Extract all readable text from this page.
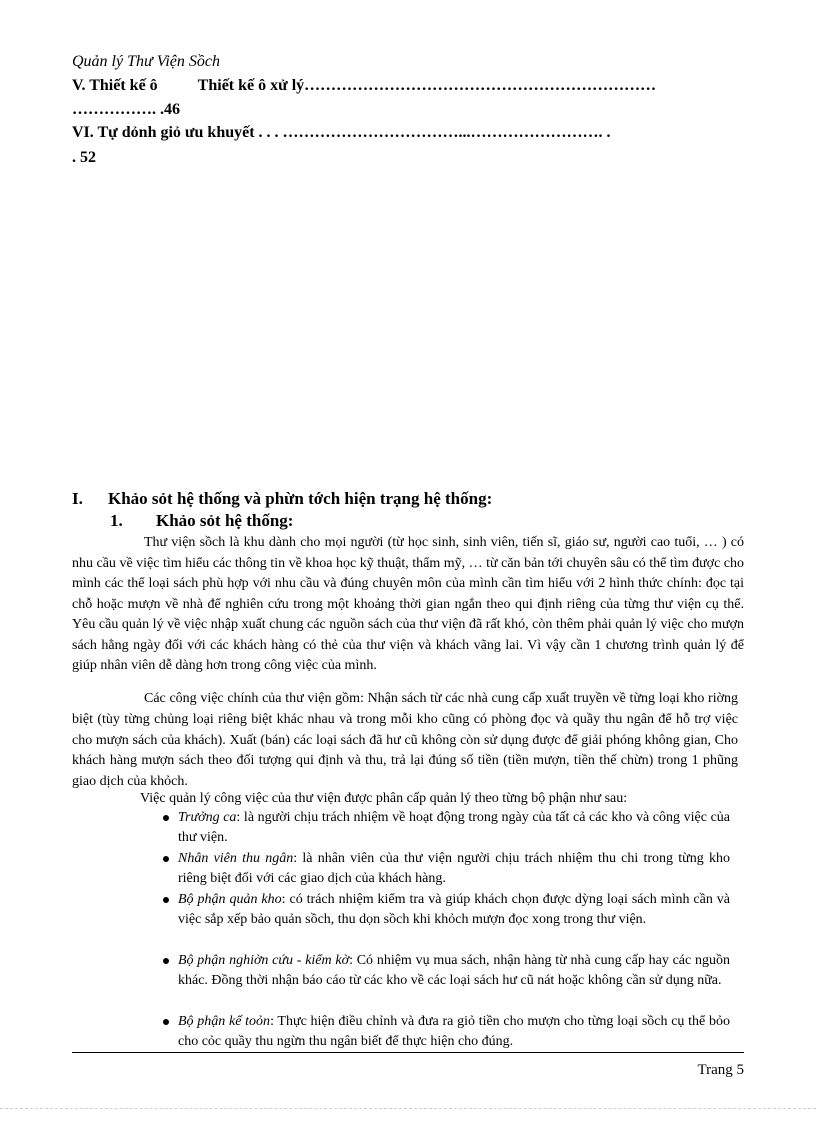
Quản lý Thư Viện Sồch
V. Thiết kế ô	Thiết kế ô xử lý…………………………………………………………
……………. .46
VI. Tự dỏnh giỏ ưu khuyết . . . ……………………………...……………………. .
. 52
I. Khảo sỏt hệ thống và phừn tớch hiện trạng hệ thống:
1. Khảo sỏt hệ thống:
Thư viện sồch là khu dành cho mọi người (từ học sinh, sinh viên, tiến sĩ, giáo sư, người cao tuổi, … ) có nhu cầu về việc tìm hiểu các thông tin về khoa học kỹ thuật, thẩm mỹ, … từ căn bản tới chuyên sâu có thể tìm được cho mình các thể loại sách phù hợp với nhu cầu và đúng chuyên môn của mình cần tìm hiểu với 2 hình thức chính: đọc tại chỗ hoặc mượn về nhà để nghiên cứu trong một khoảng thời gian ngắn theo qui định riêng của từng thư viện cụ thể. Yêu cầu quản lý về việc nhập xuất chung các nguồn sách của thư viện đã rất khó, còn thêm phải quản lý việc cho mượn sách hằng ngày đối với các khách hàng có thẻ của thư viện và khách vãng lai. Vì vậy cần 1 chương trình quản lý để giúp nhân viên dễ dàng hơn trong công việc của mình.
Các công việc chính của thư viện gồm: Nhận sách từ các nhà cung cấp xuất truyền về từng loại kho riờng biệt (tùy từng chủng loại riêng biệt khác nhau và trong mỗi kho cũng có phòng đọc và quầy thu ngân để hỗ trợ việc cho mượn sách của khách). Xuất (bán) các loại sách đã hư cũ không còn sử dụng được để giải phóng không gian, Cho khách hàng mượn sách theo đối tượng qui định và thu, trả lại đúng số tiền (tiền mượn, tiền thế chừn) trong 1 phũng giao dịch của khỏch.
Việc quản lý công việc của thư viện được phân cấp quản lý theo từng bộ phận như sau:
Trưởng ca: là người chịu trách nhiệm về hoạt động trong ngày của tất cả các kho và công việc của thư viện.
Nhân viên thu ngân: là nhân viên của thư viện người chịu trách nhiệm thu chi trong từng kho riêng biệt đối với các giao dịch của khách hàng.
Bộ phận quản kho: có trách nhiệm kiểm tra và giúp khách chọn được dỳng loại sách mình cần và việc sắp xếp bảo quản sồch, thu dọn sồch khi khỏch mượn đọc xong trong thư viện.
Bộ phận nghiờn cứu - kiểm kờ: Có nhiệm vụ mua sách, nhận hàng từ nhà cung cấp hay các nguồn khác. Đồng thời nhận báo cáo từ các kho về các loại sách hư cũ nát hoặc không cần sử dụng nữa.
Bộ phận kế toỏn: Thực hiện điều chỉnh và đưa ra giỏ tiền cho mượn cho từng loại sồch cụ thể bỏo cho cỏc quầy thu ngừn thu ngân biết để thực hiện cho đúng.
Trang 5
